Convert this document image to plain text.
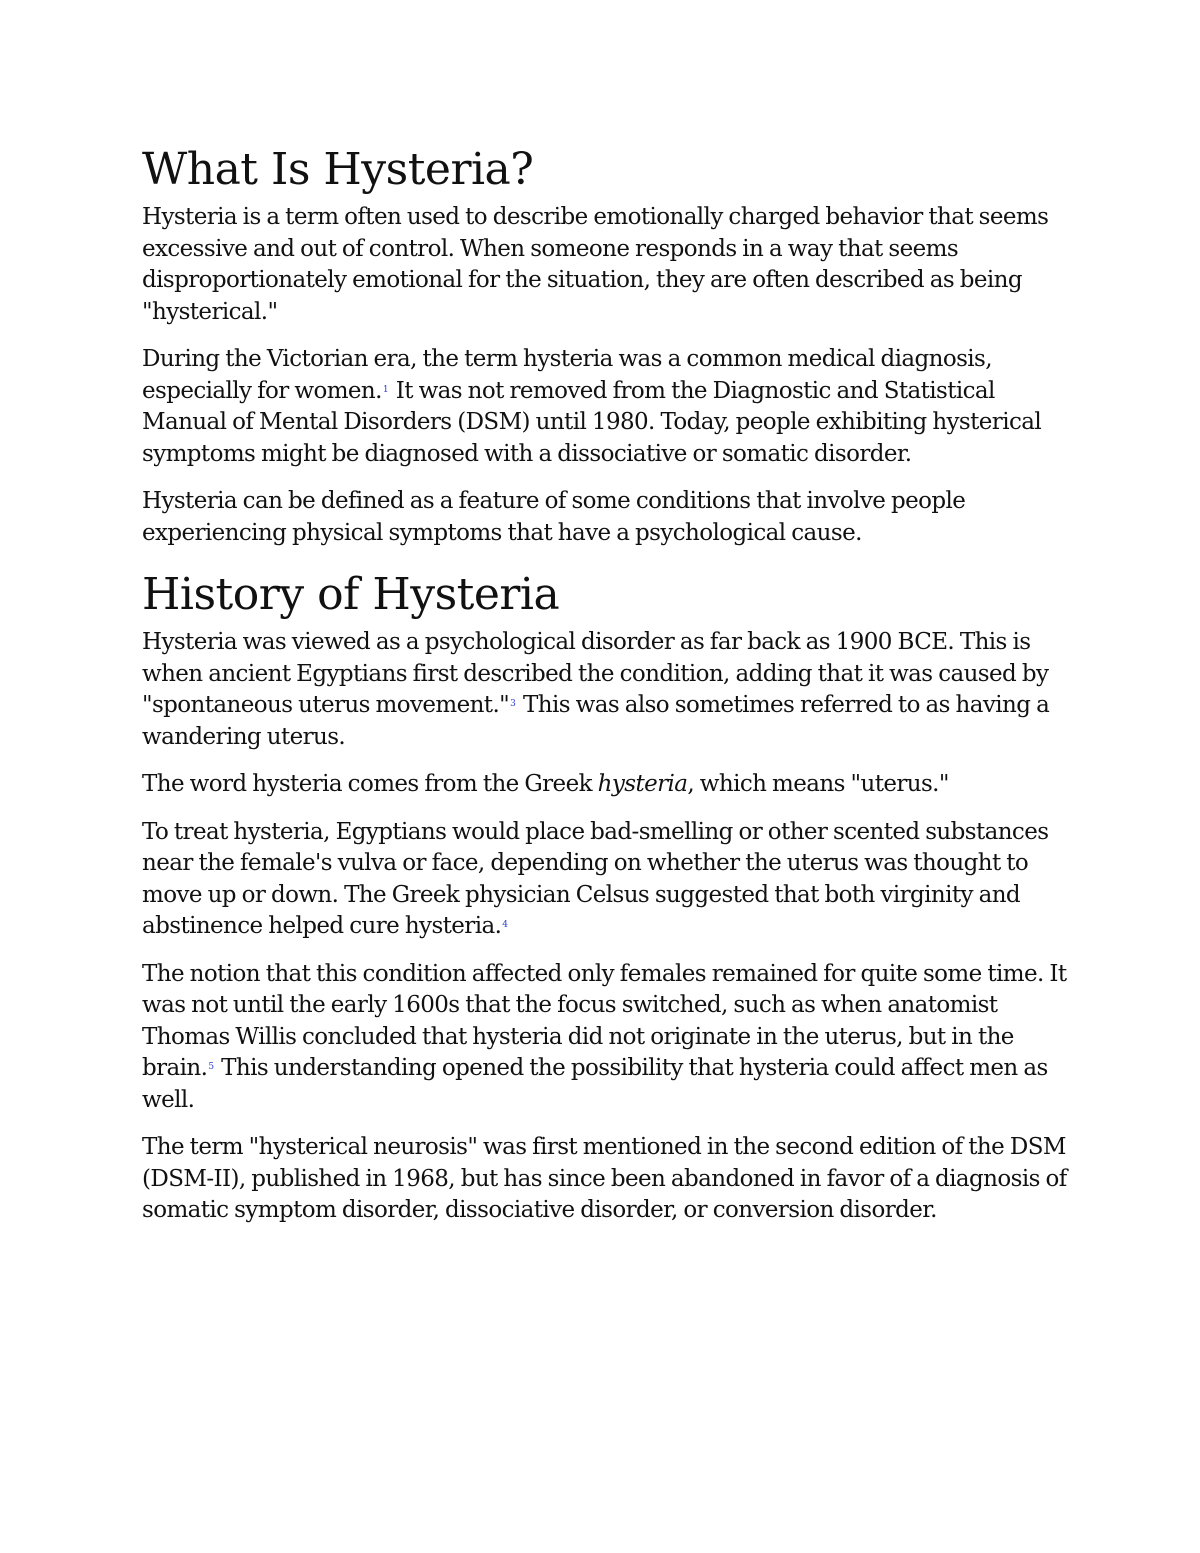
What Is Hysteria?

Hysteria is a term often used to describe emotionally charged behavior that seems excessive and out of control. When someone responds in a way that seems disproportionately emotional for the situation, they are often described as being "hysterical."

During the Victorian era, the term hysteria was a common medical diagnosis, especially for women.$^1$ It was not removed from the Diagnostic and Statistical Manual of Mental Disorders (DSM) until 1980. Today, people exhibiting hysterical symptoms might be diagnosed with a dissociative or somatic disorder.

Hysteria can be defined as a feature of some conditions that involve people experiencing physical symptoms that have a psychological cause.

History of Hysteria

Hysteria was viewed as a psychological disorder as far back as 1900 BCE. This is when ancient Egyptians first described the condition, adding that it was caused by "spontaneous uterus movement."$^3$ This was also sometimes referred to as having a wandering uterus.

The word hysteria comes from the Greek hysteria, which means "uterus."

To treat hysteria, Egyptians would place bad-smelling or other scented substances near the female's vulva or face, depending on whether the uterus was thought to move up or down. The Greek physician Celsus suggested that both virginity and abstinence helped cure hysteria.$^4$

The notion that this condition affected only females remained for quite some time. It was not until the early 1600s that the focus switched, such as when anatomist Thomas Willis concluded that hysteria did not originate in the uterus, but in the brain.$^5$ This understanding opened the possibility that hysteria could affect men as well.

The term "hysterical neurosis" was first mentioned in the second edition of the DSM (DSM-II), published in 1968, but has since been abandoned in favor of a diagnosis of somatic symptom disorder, dissociative disorder, or conversion disorder.
